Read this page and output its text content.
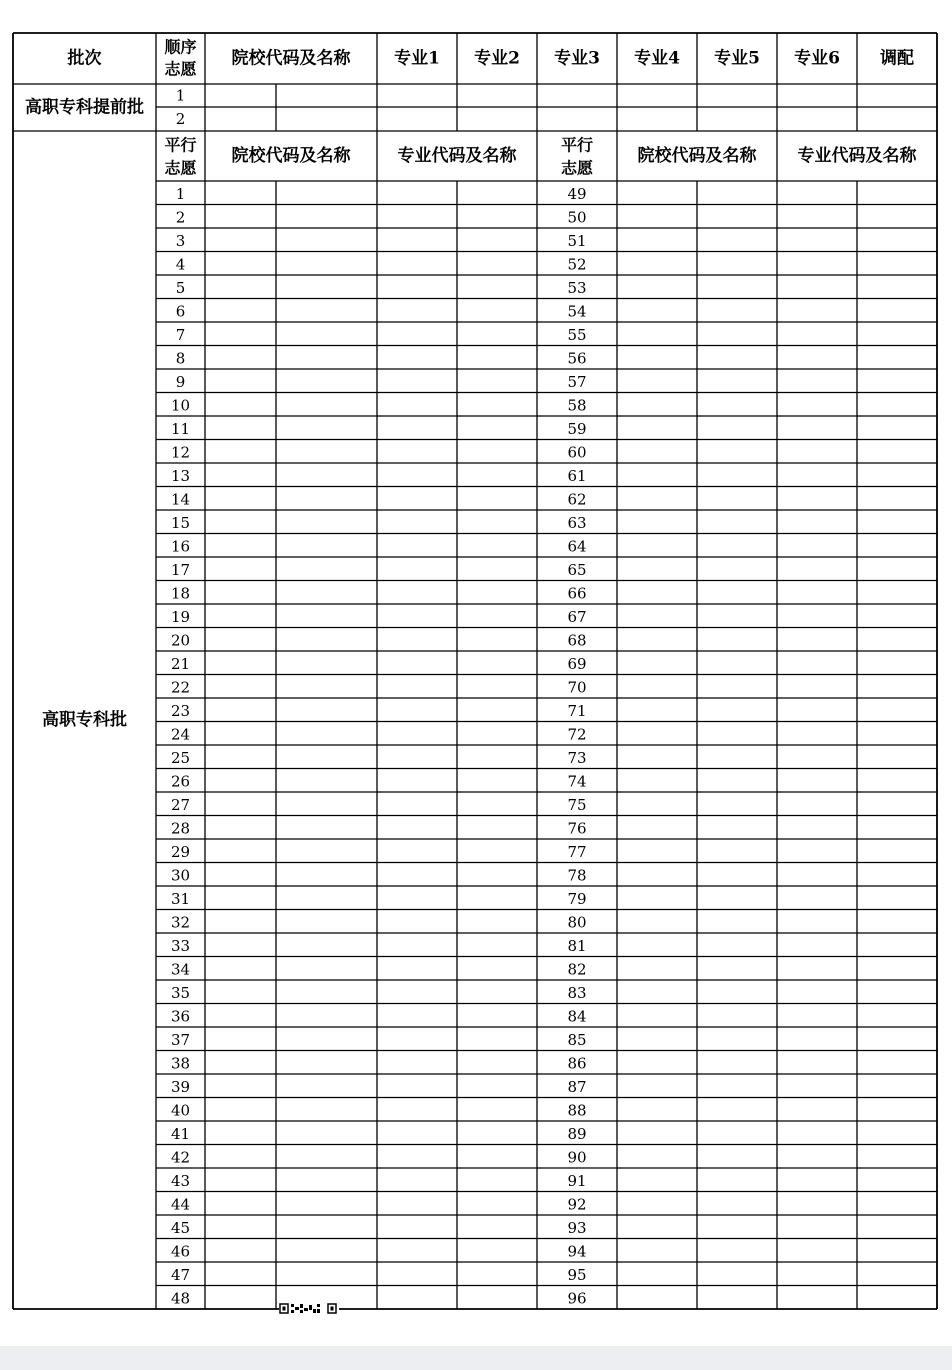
批次
顺序
志愿
院校代码及名称	专业1 专业2 专业3 专业4 专业5 专业6 调配
高职专科提前批
1
2
高职专科批
平行
志愿
院校代码及名称	专业代码及名称
平行
志愿
院校代码及名称 专业代码及名称
1
2
3
4
5
6
7
8
9
10
11
12
13
14
15
16
17
18
19
20
21
22
23
24
25
26
27
28
29
30
31
32
33
34
35
36
37
38
39
40
41
42
43
44
45
46
47
48
49
50
51
52
53
54
55
56
57
58
59
60
61
62
63
64
65
66
67
68
69
70
71
72
73
74
75
76
77
78
79
80
81
82
83
84
85
86
87
88
89
90
91
92
93
94
95
96
